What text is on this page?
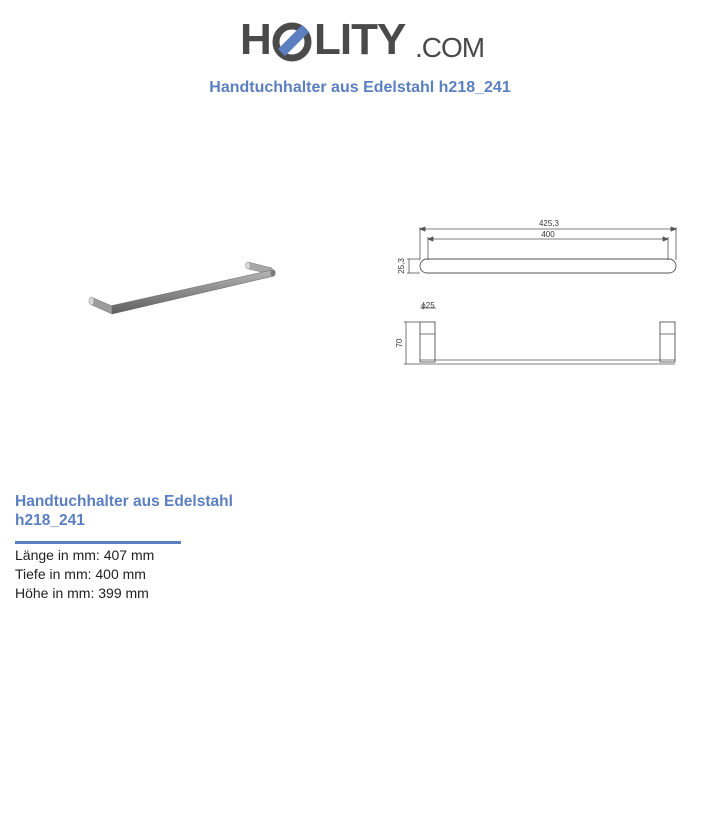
H LITY .COM
Handtuchhalter aus Edelstahl h218_241
425,3
400
25,3
ϕ25
70
Handtuchhalter aus Edelstahl
h218_241
Länge in mm: 407 mm
Tiefe in mm: 400 mm
Höhe in mm: 399 mm
